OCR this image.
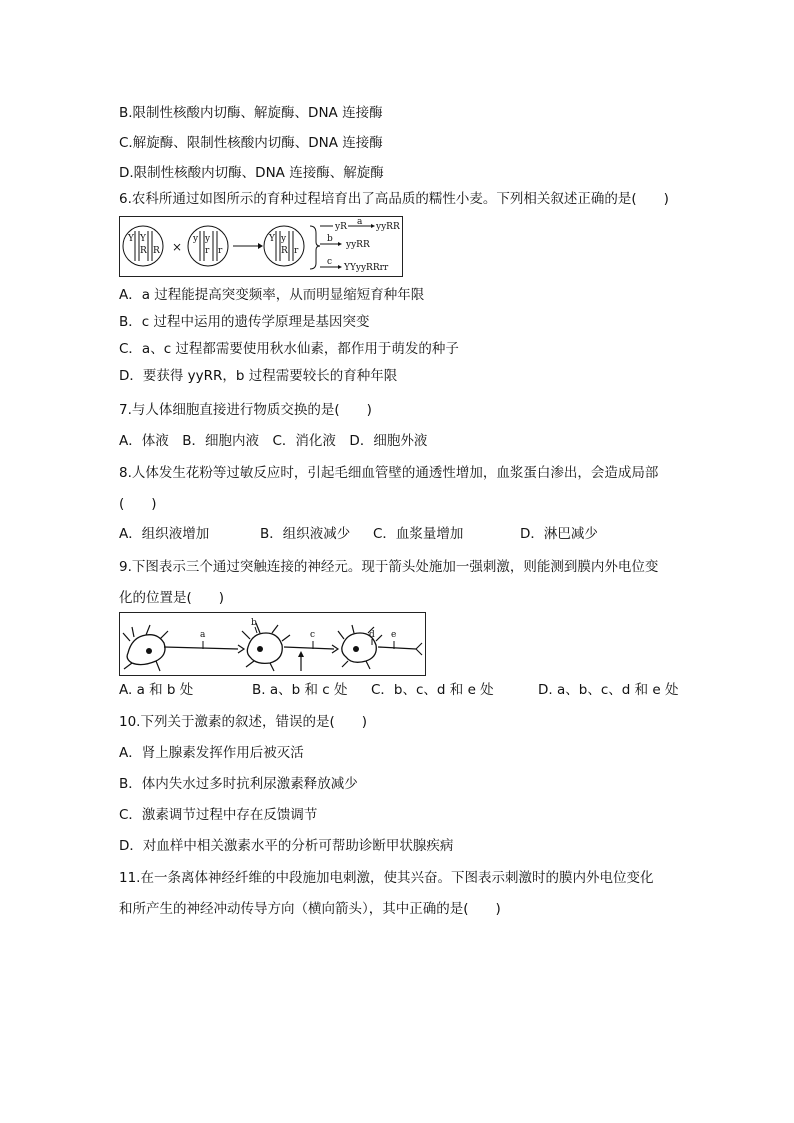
B.限制性核酸内切酶、解旋酶、DNA 连接酶
C.解旋酶、限制性核酸内切酶、DNA 连接酶
D.限制性核酸内切酶、DNA 连接酶、解旋酶
6.农科所通过如图所示的育种过程培育出了高品质的糯性小麦。下列相关叙述正确的是(　　)
Y Y
R R ×
y y
r r
Y y
R r
yR a yyRR
b
yyRR
c
YYyyRRrr
A．a 过程能提高突变频率，从而明显缩短育种年限
B．c 过程中运用的遗传学原理是基因突变
C．a、c 过程都需要使用秋水仙素，都作用于萌发的种子
D．要获得 yyRR，b 过程需要较长的育种年限
7.与人体细胞直接进行物质交换的是(　　)
A．体液　B．细胞内液　C．消化液　D．细胞外液
8.人体发生花粉等过敏反应时，引起毛细血管壁的通透性增加，血浆蛋白渗出，会造成局部
(　　)
A．组织液增加	B．组织液减少 C．血浆量增加	D．淋巴减少
9.下图表示三个通过突触连接的神经元。现于箭头处施加一强刺激，则能测到膜内外电位变
化的位置是(　　)
a
b
c	d e
A. a 和 b 处	B. a、b 和 c 处 C．b、c、d 和 e 处	D. a、b、c、d 和 e 处
10.下列关于激素的叙述，错误的是(　　)
A．肾上腺素发挥作用后被灭活
B．体内失水过多时抗利尿激素释放减少
C．激素调节过程中存在反馈调节
D．对血样中相关激素水平的分析可帮助诊断甲状腺疾病
11.在一条离体神经纤维的中段施加电刺激，使其兴奋。下图表示刺激时的膜内外电位变化
和所产生的神经冲动传导方向（横向箭头），其中正确的是(　　)
